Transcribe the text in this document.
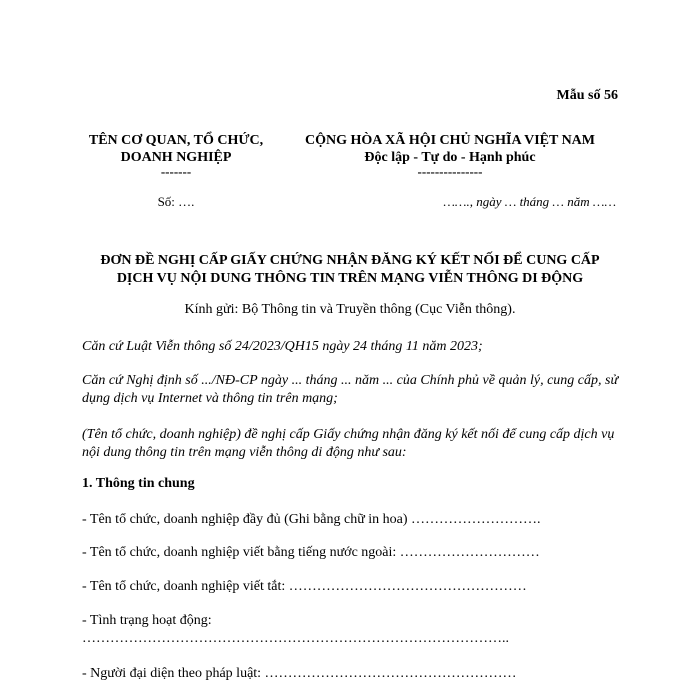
Mẫu số 56
TÊN CƠ QUAN, TỔ CHỨC,
DOANH NGHIỆP
-------
CỘNG HÒA XÃ HỘI CHỦ NGHĨA VIỆT NAM
Độc lập - Tự do - Hạnh phúc
---------------
Số: ….	……., ngày … tháng … năm ……
ĐƠN ĐỀ NGHỊ CẤP GIẤY CHỨNG NHẬN ĐĂNG KÝ KẾT NỐI ĐỂ CUNG CẤP
DỊCH VỤ NỘI DUNG THÔNG TIN TRÊN MẠNG VIỄN THÔNG DI ĐỘNG
Kính gửi: Bộ Thông tin và Truyền thông (Cục Viễn thông).
Căn cứ Luật Viễn thông số 24/2023/QH15 ngày 24 tháng 11 năm 2023;
Căn cứ Nghị định số .../NĐ-CP ngày ... tháng ... năm ... của Chính phủ về quản lý, cung cấp, sử dụng dịch vụ Internet và thông tin trên mạng;
(Tên tổ chức, doanh nghiệp) đề nghị cấp Giấy chứng nhận đăng ký kết nối để cung cấp dịch vụ nội dung thông tin trên mạng viễn thông di động như sau:
1. Thông tin chung
- Tên tổ chức, doanh nghiệp đầy đủ (Ghi bằng chữ in hoa) ……………………….
- Tên tổ chức, doanh nghiệp viết bằng tiếng nước ngoài: …………………………
- Tên tổ chức, doanh nghiệp viết tắt: ……………………………………………
- Tình trạng hoạt động:
………………………………………………………………………………..
- Người đại diện theo pháp luật: ………………………………………………
